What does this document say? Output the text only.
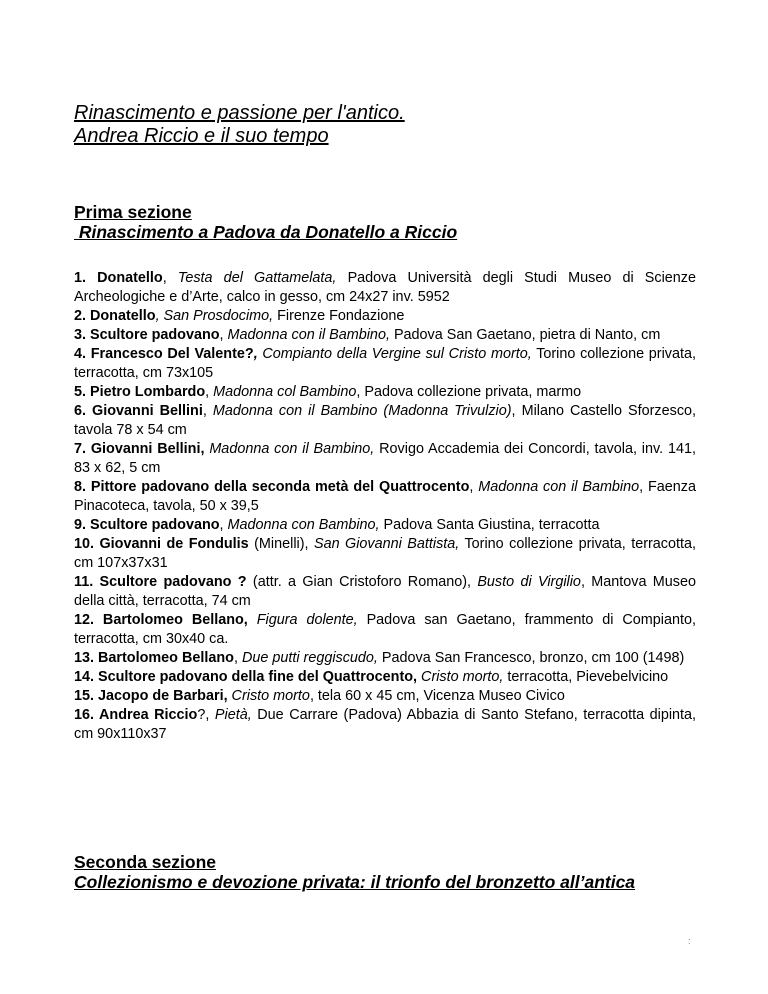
Rinascimento e passione per l'antico.
Andrea Riccio e il suo tempo
Prima sezione
Rinascimento a Padova da Donatello a Riccio
1. Donatello, Testa del Gattamelata, Padova Università degli Studi Museo di Scienze Archeologiche e d’Arte, calco in gesso, cm 24x27 inv. 5952
2. Donatello, San Prosdocimo, Firenze Fondazione
3. Scultore padovano, Madonna con il Bambino, Padova San Gaetano, pietra di Nanto, cm
4. Francesco Del Valente?, Compianto della Vergine sul Cristo morto, Torino collezione privata, terracotta, cm 73x105
5. Pietro Lombardo, Madonna col Bambino, Padova collezione privata, marmo
6. Giovanni Bellini, Madonna con il Bambino (Madonna Trivulzio), Milano Castello Sforzesco, tavola 78 x 54 cm
7. Giovanni Bellini, Madonna con il Bambino, Rovigo Accademia dei Concordi, tavola, inv. 141, 83 x 62, 5 cm
8. Pittore padovano della seconda metà del Quattrocento, Madonna con il Bambino, Faenza Pinacoteca, tavola, 50 x 39,5
9. Scultore padovano, Madonna con Bambino, Padova Santa Giustina, terracotta
10. Giovanni de Fondulis (Minelli), San Giovanni Battista, Torino collezione privata, terracotta, cm 107x37x31
11. Scultore padovano ? (attr. a Gian Cristoforo Romano), Busto di Virgilio, Mantova Museo della città, terracotta, 74 cm
12. Bartolomeo Bellano, Figura dolente, Padova san Gaetano, frammento di Compianto, terracotta, cm 30x40 ca.
13. Bartolomeo Bellano, Due putti reggiscudo, Padova San Francesco, bronzo, cm 100 (1498)
14. Scultore padovano della fine del Quattrocento, Cristo morto, terracotta, Pievebelvicino
15. Jacopo de Barbari, Cristo morto, tela 60 x 45 cm, Vicenza Museo Civico
16. Andrea Riccio?, Pietà, Due Carrare (Padova) Abbazia di Santo Stefano, terracotta dipinta, cm 90x110x37
Seconda sezione
Collezionismo e devozione privata: il trionfo del bronzetto all’antica
:
